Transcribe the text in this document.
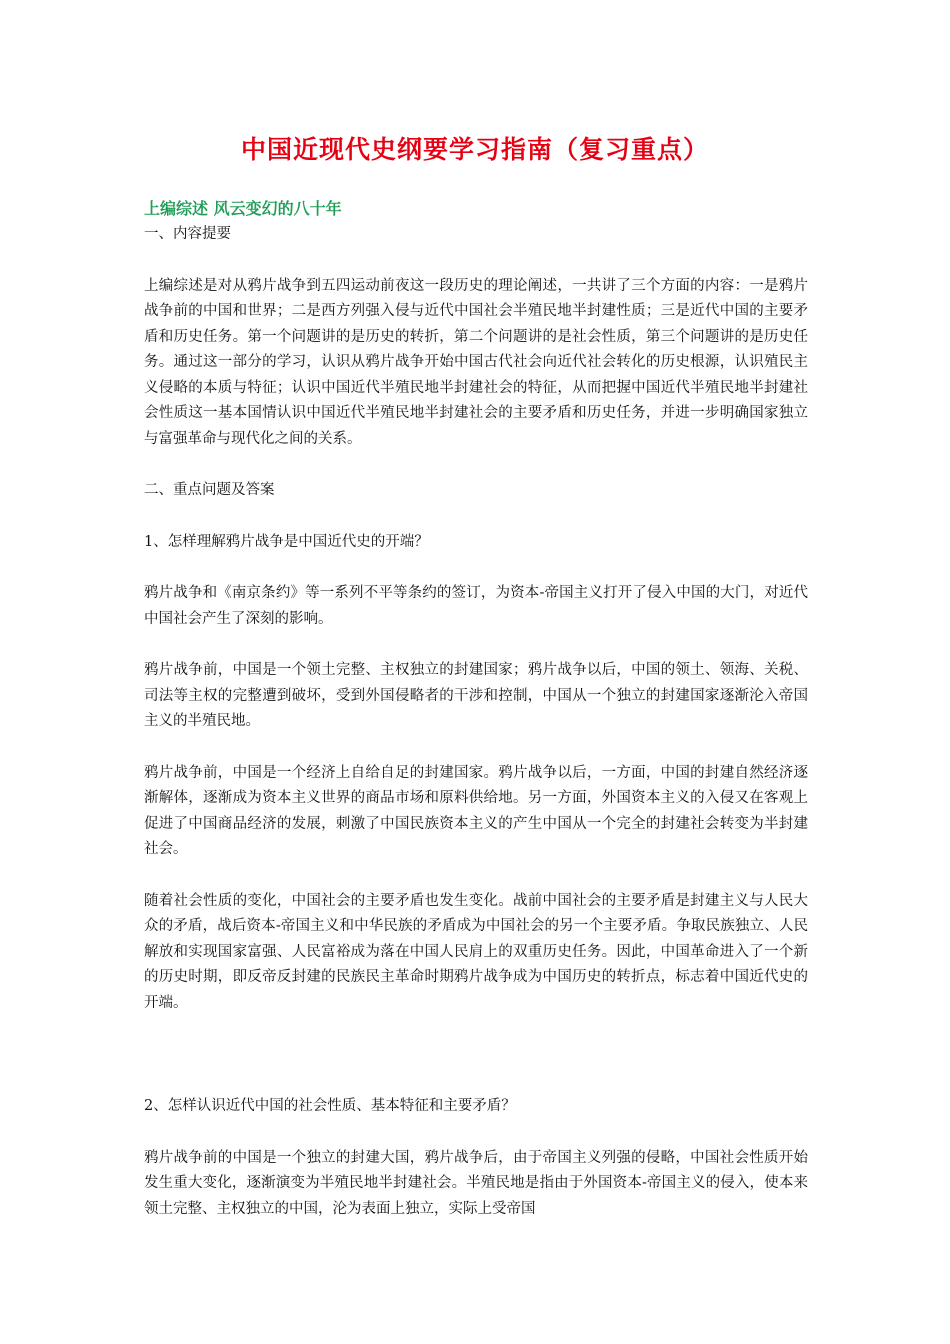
中国近现代史纲要学习指南（复习重点）

上编综述 风云变幻的八十年

一、内容提要

上编综述是对从鸦片战争到五四运动前夜这一段历史的理论阐述，一共讲了三个方面的内容：一是鸦片战争前的中国和世界；二是西方列强入侵与近代中国社会半殖民地半封建性质；三是近代中国的主要矛盾和历史任务。第一个问题讲的是历史的转折，第二个问题讲的是社会性质，第三个问题讲的是历史任务。通过这一部分的学习，认识从鸦片战争开始中国古代社会向近代社会转化的历史根源，认识殖民主义侵略的本质与特征；认识中国近代半殖民地半封建社会的特征，从而把握中国近代半殖民地半封建社会性质这一基本国情认识中国近代半殖民地半封建社会的主要矛盾和历史任务，并进一步明确国家独立与富强革命与现代化之间的关系。

二、重点问题及答案

1、怎样理解鸦片战争是中国近代史的开端？

鸦片战争和《南京条约》等一系列不平等条约的签订，为资本-帝国主义打开了侵入中国的大门，对近代中国社会产生了深刻的影响。

鸦片战争前，中国是一个领土完整、主权独立的封建国家；鸦片战争以后，中国的领土、领海、关税、司法等主权的完整遭到破坏，受到外国侵略者的干涉和控制，中国从一个独立的封建国家逐渐沦入帝国主义的半殖民地。

鸦片战争前，中国是一个经济上自给自足的封建国家。鸦片战争以后，一方面，中国的封建自然经济逐渐解体，逐渐成为资本主义世界的商品市场和原料供给地。另一方面，外国资本主义的入侵又在客观上促进了中国商品经济的发展，刺激了中国民族资本主义的产生中国从一个完全的封建社会转变为半封建社会。

随着社会性质的变化，中国社会的主要矛盾也发生变化。战前中国社会的主要矛盾是封建主义与人民大众的矛盾，战后资本-帝国主义和中华民族的矛盾成为中国社会的另一个主要矛盾。争取民族独立、人民解放和实现国家富强、人民富裕成为落在中国人民肩上的双重历史任务。因此，中国革命进入了一个新的历史时期，即反帝反封建的民族民主革命时期鸦片战争成为中国历史的转折点，标志着中国近代史的开端。

2、怎样认识近代中国的社会性质、基本特征和主要矛盾？

鸦片战争前的中国是一个独立的封建大国，鸦片战争后，由于帝国主义列强的侵略，中国社会性质开始发生重大变化，逐渐演变为半殖民地半封建社会。半殖民地是指由于外国资本-帝国主义的侵入，使本来领土完整、主权独立的中国，沦为表面上独立，实际上受帝国
